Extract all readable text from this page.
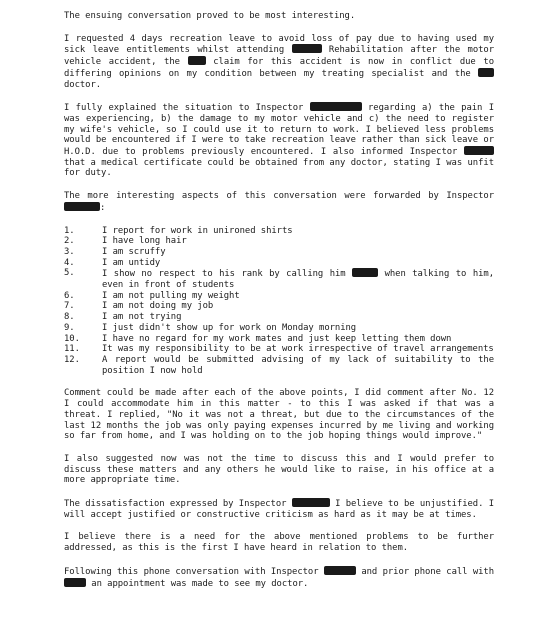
The ensuing conversation proved to be most interesting.

I requested 4 days recreation leave to avoid loss of pay due to having used my sick leave entitlements whilst attending	Rehabilitation after the motor vehicle accident, the	claim for this accident is now in conflict due to differing opinions on my condition between my treating specialist and the  doctor.

I fully explained the situation to Inspector	regarding a) the pain I was experiencing, b) the damage to my motor vehicle and c) the need to register my wife's vehicle, so I could use it to return to work. I believed less problems would be encountered if I were to take recreation leave rather than sick leave or H.O.D. due to problems previously encountered. I also informed Inspector  that a medical certificate could be obtained from any doctor, stating I was unfit for duty.

The more interesting aspects of this conversation were forwarded by Inspector :

1.	I report for work in unironed shirts
2.	I have long hair
3.	I am scruffy
4.	I am untidy
5.	I show no respect to his rank by calling him	when talking to him, even in front of students
6.	I am not pulling my weight
7.	I am not doing my job
8.	I am not trying
9.	I just didn't show up for work on Monday morning
10.	I have no regard for my work mates and just keep letting them down
11.	It was my responsibility to be at work irrespective of travel arrangements
12.	A report would be submitted advising of my lack of suitability to the position I now hold

Comment could be made after each of the above points, I did comment after No. 12 I could accommodate him in this matter - to this I was asked if that was a threat. I replied, "No it was not a threat, but due to the circumstances of the last 12 months the job was only paying expenses incurred by me living and working so far from home, and I was holding on to the job hoping things would improve."

I also suggested now was not the time to discuss this and I would prefer to discuss these matters and any others he would like to raise, in his office at a more appropriate time.

The dissatisfaction expressed by Inspector	I believe to be unjustified. I will accept justified or constructive criticism as hard as it may be at times.

I believe there is a need for the above mentioned problems to be further addressed, as this is the first I have heard in relation to them.

Following this phone conversation with Inspector	and prior phone call with  an appointment was made to see my doctor.
